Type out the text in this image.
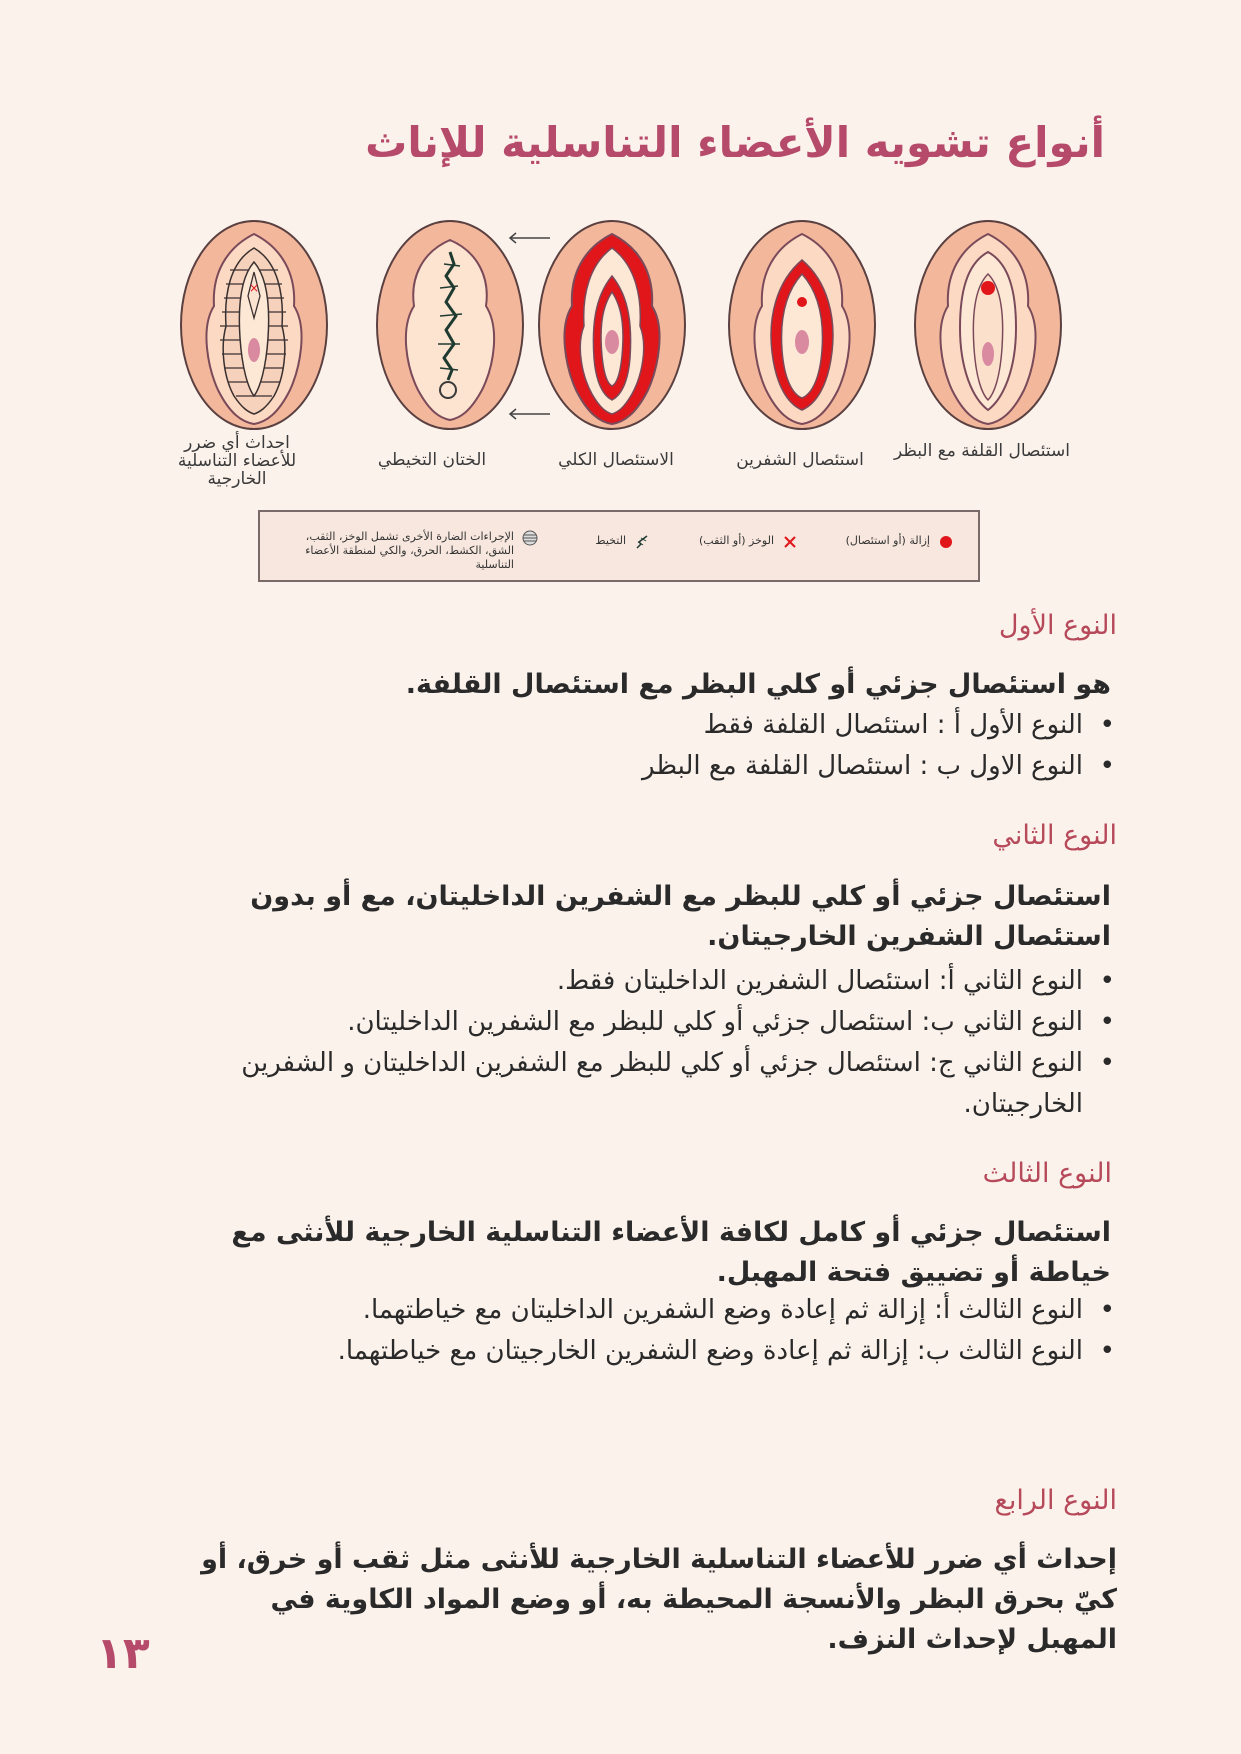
أنواع تشويه الأعضاء التناسلية للإناث
×
استئصال القلفة مع البظر
استئصال الشفرين
الاستئصال الكلي
الختان التخيطي
احداث أي ضرر للأعضاء التناسلية الخارجية
إزالة (أو استئصال)
الوخز (أو الثقب)
التخيط
الإجراءات الضارة الأخرى تشمل الوخز، الثقب، الشق، الكشط، الحرق، والكي لمنطقة الأعضاء التناسلية
النوع الأول

هو استئصال جزئي أو كلي البظر مع استئصال القلفة.

• النوع الأول أ : استئصال القلفة فقط
• النوع الاول ب : استئصال القلفة مع البظر
النوع الثاني

استئصال جزئي أو كلي للبظر مع الشفرين الداخليتان، مع أو بدون استئصال الشفرين الخارجيتان.

• النوع الثاني أ: استئصال الشفرين الداخليتان فقط.
• النوع الثاني ب: استئصال جزئي أو كلي للبظر مع الشفرين الداخليتان.
• النوع الثاني ج: استئصال جزئي أو كلي للبظر مع الشفرين الداخليتان و الشفرين الخارجيتان.
النوع الثالث

استئصال جزئي أو كامل لكافة الأعضاء التناسلية الخارجية للأنثى مع خياطة أو تضييق فتحة المهبل.

• النوع الثالث أ: إزالة ثم إعادة وضع الشفرين الداخليتان مع خياطتهما.
• النوع الثالث ب: إزالة ثم إعادة وضع الشفرين الخارجيتان مع خياطتهما.
النوع الرابع

إحداث أي ضرر للأعضاء التناسلية الخارجية للأنثى مثل ثقب أو خرق، أو كيّ بحرق البظر والأنسجة المحيطة به، أو وضع المواد الكاوية في المهبل لإحداث النزف.

١٣
